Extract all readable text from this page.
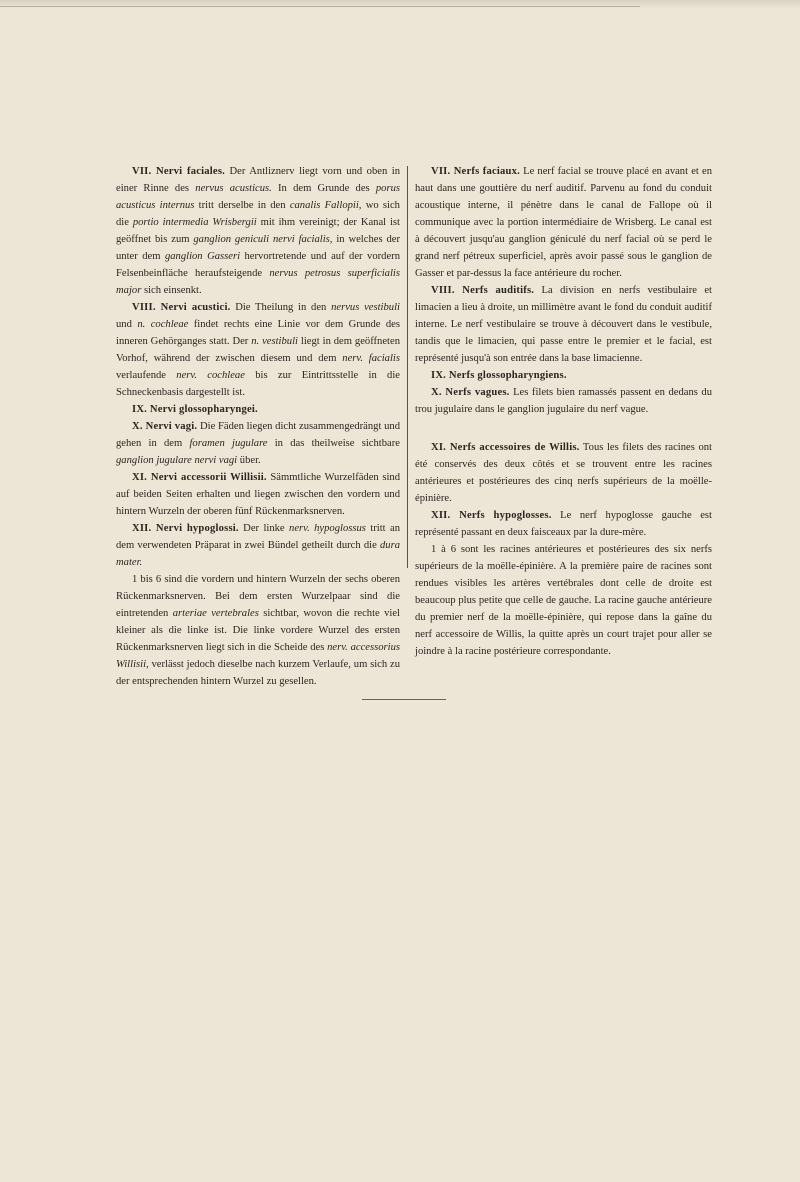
VII. Nervi faciales. Der Antliznerv liegt vorn und oben in einer Rinne des nervus acusticus. In dem Grunde des porus acusticus internus tritt derselbe in den canalis Fallopii, wo sich die portio intermedia Wrisbergii mit ihm vereinigt; der Kanal ist geöffnet bis zum ganglion geniculi nervi facialis, in welches der unter dem ganglion Gasseri hervortretende und auf der vordern Felsenbeinfläche heraufsteigende nervus petrosus superficialis major sich einsenkt.

VIII. Nervi acustici. Die Theilung in den nervus vestibuli und n. cochleae findet rechts eine Linie vor dem Grunde des inneren Gehörganges statt. Der n. vestibuli liegt in dem geöffneten Vorhof, während der zwischen diesem und dem nerv. facialis verlaufende nerv. cochleae bis zur Eintrittsstelle in die Schneckenbasis dargestellt ist.

IX. Nervi glossopharyngei.

X. Nervi vagi. Die Fäden liegen dicht zusammengedrängt und gehen in dem foramen jugulare in das theilweise sichtbare ganglion jugulare nervi vagi über.

XI. Nervi accessorii Willisii. Sämmtliche Wurzelfäden sind auf beiden Seiten erhalten und liegen zwischen den vordern und hintern Wurzeln der oberen fünf Rückenmarksnerven.

XII. Nervi hypoglossi. Der linke nerv. hypoglossus tritt an dem verwendeten Präparat in zwei Bündel getheilt durch die dura mater.

1 bis 6 sind die vordern und hintern Wurzeln der sechs oberen Rückenmarksnerven. Bei dem ersten Wurzelpaar sind die eintretenden arteriae vertebrales sichtbar, wovon die rechte viel kleiner als die linke ist. Die linke vordere Wurzel des ersten Rückenmarksnerven liegt sich in die Scheide des nerv. accessorius Willisii, verlässt jedoch dieselbe nach kurzem Verlaufe, um sich zu der entsprechenden hintern Wurzel zu gesellen.

VII. Nerfs faciaux. Le nerf facial se trouve placé en avant et en haut dans une gouttière du nerf auditif. Parvenu au fond du conduit acoustique interne, il pénètre dans le canal de Fallope où il communique avec la portion intermédiaire de Wrisberg. Le canal est à découvert jusqu'au ganglion géniculé du nerf facial où se perd le grand nerf pétreux superficiel, après avoir passé sous le ganglion de Gasser et par-dessus la face antérieure du rocher.

VIII. Nerfs auditifs. La division en nerfs vestibulaire et limacien a lieu à droite, un millimètre avant le fond du conduit auditif interne. Le nerf vestibulaire se trouve à découvert dans le vestibule, tandis que le limacien, qui passe entre le premier et le facial, est représenté jusqu'à son entrée dans la base limacienne.

IX. Nerfs glossopharyngiens.

X. Nerfs vagues. Les filets bien ramassés passent en dedans du trou jugulaire dans le ganglion jugulaire du nerf vague.

XI. Nerfs accessoires de Willis. Tous les filets des racines ont été conservés des deux côtés et se trouvent entre les racines antérieures et postérieures des cinq nerfs supérieurs de la moëlle-épinière.

XII. Nerfs hypoglosses. Le nerf hypoglosse gauche est représenté passant en deux faisceaux par la dure-mère.

1 à 6 sont les racines antérieures et postérieures des six nerfs supérieurs de la moëlle-épinière. A la première paire de racines sont rendues visibles les artères vertébrales dont celle de droite est beaucoup plus petite que celle de gauche. La racine gauche antérieure du premier nerf de la moëlle-épinière, qui repose dans la gaîne du nerf accessoire de Willis, la quitte après un court trajet pour aller se joindre à la racine postérieure correspondante.
